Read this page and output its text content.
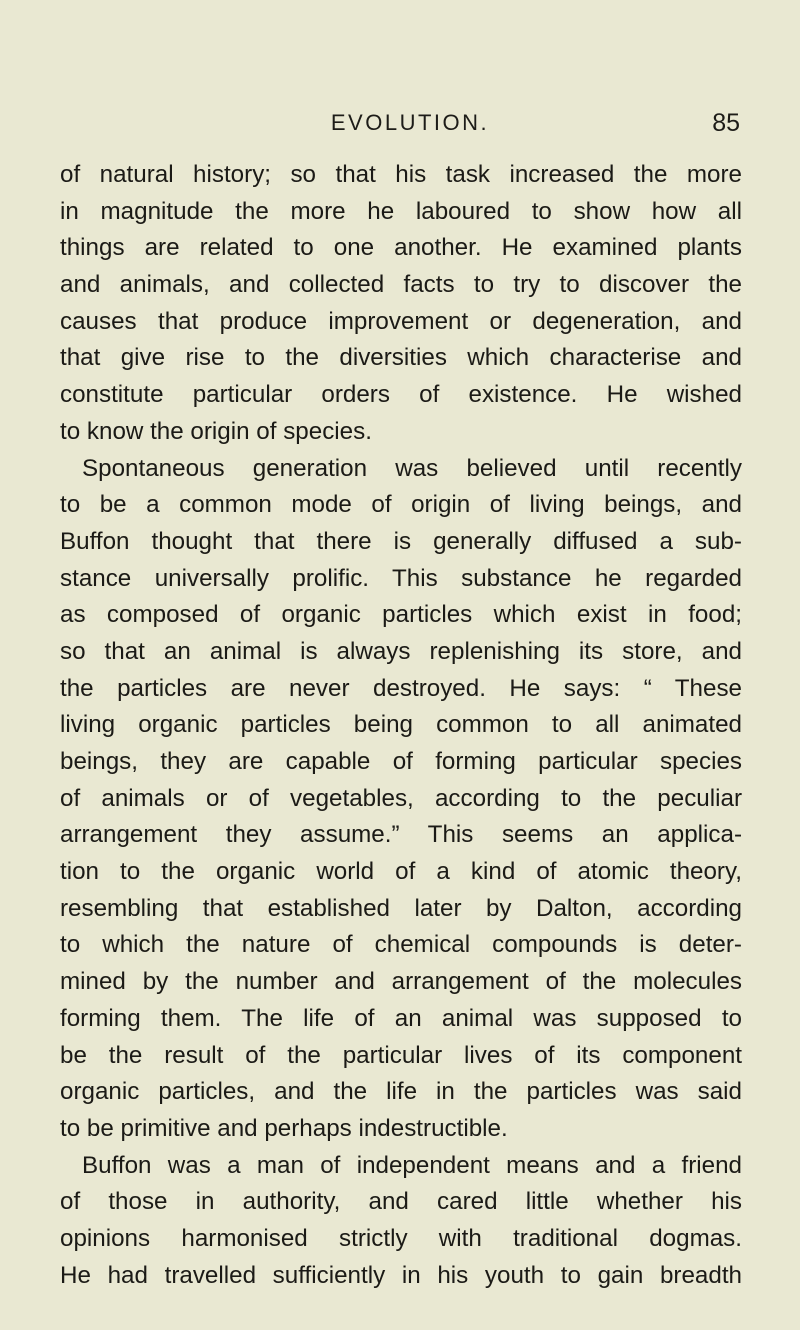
EVOLUTION.	85
of natural history; so that his task increased the more
in magnitude the more he laboured to show how all
things are related to one another. He examined plants
and animals, and collected facts to try to discover the
causes that produce improvement or degeneration, and
that give rise to the diversities which characterise and
constitute particular orders of existence. He wished
to know the origin of species.
Spontaneous generation was believed until recently
to be a common mode of origin of living beings, and
Buffon thought that there is generally diffused a sub-
stance universally prolific. This substance he regarded
as composed of organic particles which exist in food;
so that an animal is always replenishing its store, and
the particles are never destroyed. He says: “ These
living organic particles being common to all animated
beings, they are capable of forming particular species
of animals or of vegetables, according to the peculiar
arrangement they assume.” This seems an applica-
tion to the organic world of a kind of atomic theory,
resembling that established later by Dalton, according
to which the nature of chemical compounds is deter-
mined by the number and arrangement of the molecules
forming them. The life of an animal was supposed to
be the result of the particular lives of its component
organic particles, and the life in the particles was said
to be primitive and perhaps indestructible.
Buffon was a man of independent means and a friend
of those in authority, and cared little whether his
opinions harmonised strictly with traditional dogmas.
He had travelled sufficiently in his youth to gain breadth
